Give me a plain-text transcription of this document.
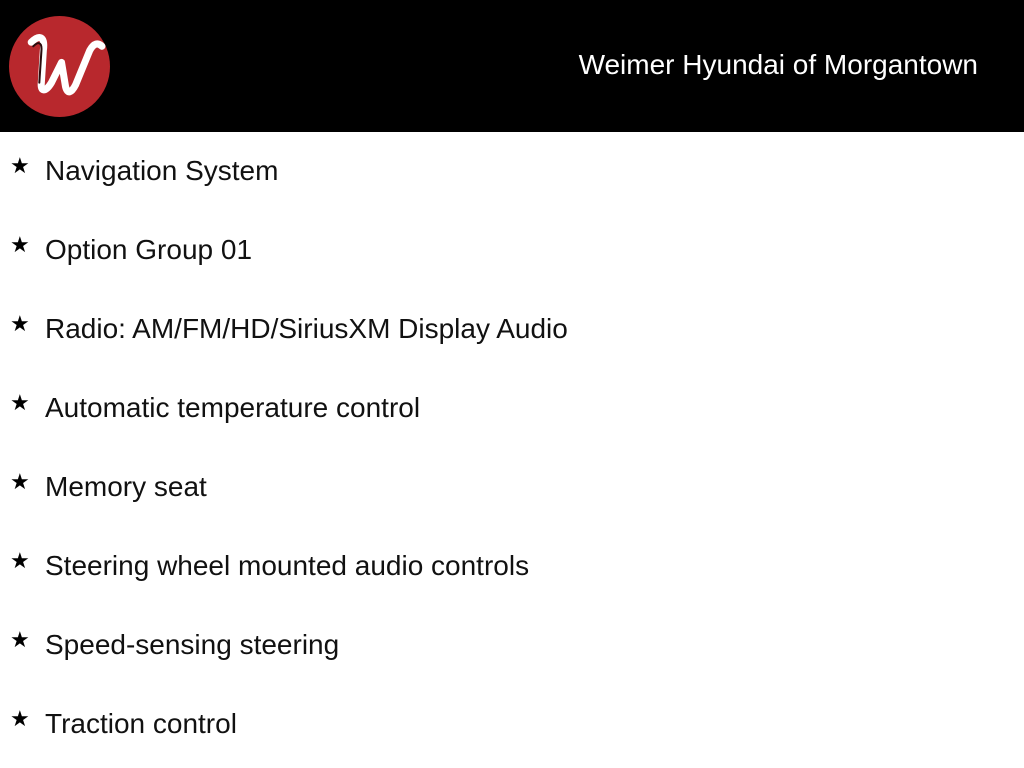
Weimer Hyundai of Morgantown
★ Navigation System
★ Option Group 01
★ Radio: AM/FM/HD/SiriusXM Display Audio
★ Automatic temperature control
★ Memory seat
★ Steering wheel mounted audio controls
★ Speed-sensing steering
★ Traction control
